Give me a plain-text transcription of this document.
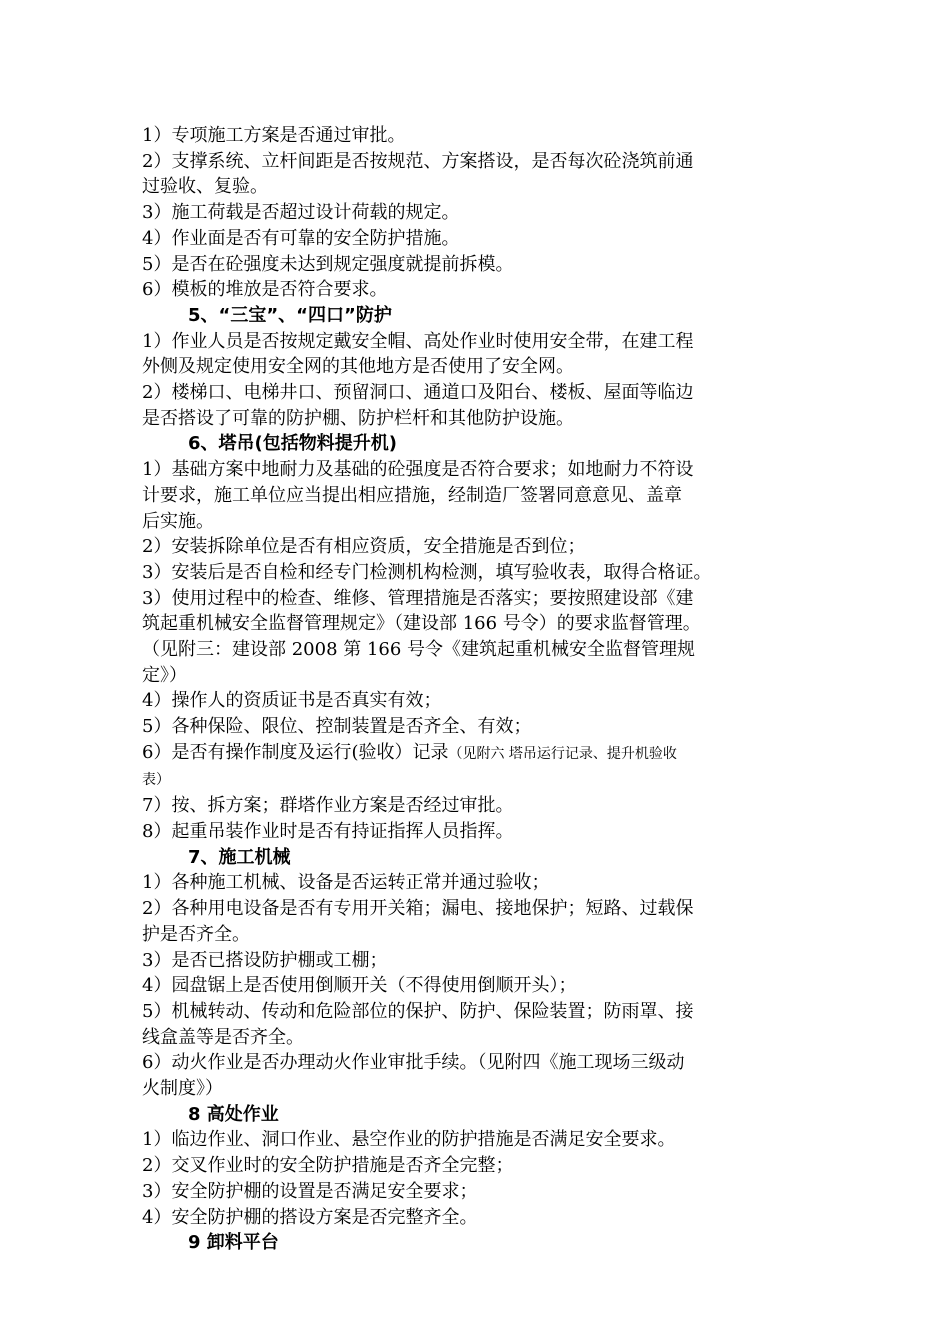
1）专项施工方案是否通过审批。
2）支撑系统、立杆间距是否按规范、方案搭设，是否每次砼浇筑前通
过验收、复验。
3）施工荷载是否超过设计荷载的规定。
4）作业面是否有可靠的安全防护措施。
5）是否在砼强度未达到规定强度就提前拆模。
6）模板的堆放是否符合要求。
5、“三宝”、“四口”防护
1）作业人员是否按规定戴安全帽、高处作业时使用安全带，在建工程
外侧及规定使用安全网的其他地方是否使用了安全网。
2）楼梯口、电梯井口、预留洞口、通道口及阳台、楼板、屋面等临边
是否搭设了可靠的防护棚、防护栏杆和其他防护设施。
6、塔吊(包括物料提升机)
1）基础方案中地耐力及基础的砼强度是否符合要求；如地耐力不符设
计要求，施工单位应当提出相应措施，经制造厂签署同意意见、盖章
后实施。
2）安装拆除单位是否有相应资质，安全措施是否到位；
3）安装后是否自检和经专门检测机构检测，填写验收表，取得合格证。
3）使用过程中的检查、维修、管理措施是否落实；要按照建设部《建
筑起重机械安全监督管理规定》（建设部 166 号令）的要求监督管理。
（见附三：建设部 2008 第 166 号令《建筑起重机械安全监督管理规
定》）
4）操作人的资质证书是否真实有效；
5）各种保险、限位、控制装置是否齐全、有效；
6）是否有操作制度及运行(验收）记录（见附六 塔吊运行记录、提升机验收
表）
7）按、拆方案；群塔作业方案是否经过审批。
8）起重吊装作业时是否有持证指挥人员指挥。
7、施工机械
1）各种施工机械、设备是否运转正常并通过验收；
2）各种用电设备是否有专用开关箱；漏电、接地保护；短路、过载保
护是否齐全。
3）是否已搭设防护棚或工棚；
4）园盘锯上是否使用倒顺开关（不得使用倒顺开头）；
5）机械转动、传动和危险部位的保护、防护、保险装置；防雨罩、接
线盒盖等是否齐全。
6）动火作业是否办理动火作业审批手续。（见附四《施工现场三级动
火制度》）
8 高处作业
1）临边作业、洞口作业、悬空作业的防护措施是否满足安全要求。
2）交叉作业时的安全防护措施是否齐全完整；
3）安全防护棚的设置是否满足安全要求；
4）安全防护棚的搭设方案是否完整齐全。
9 卸料平台
